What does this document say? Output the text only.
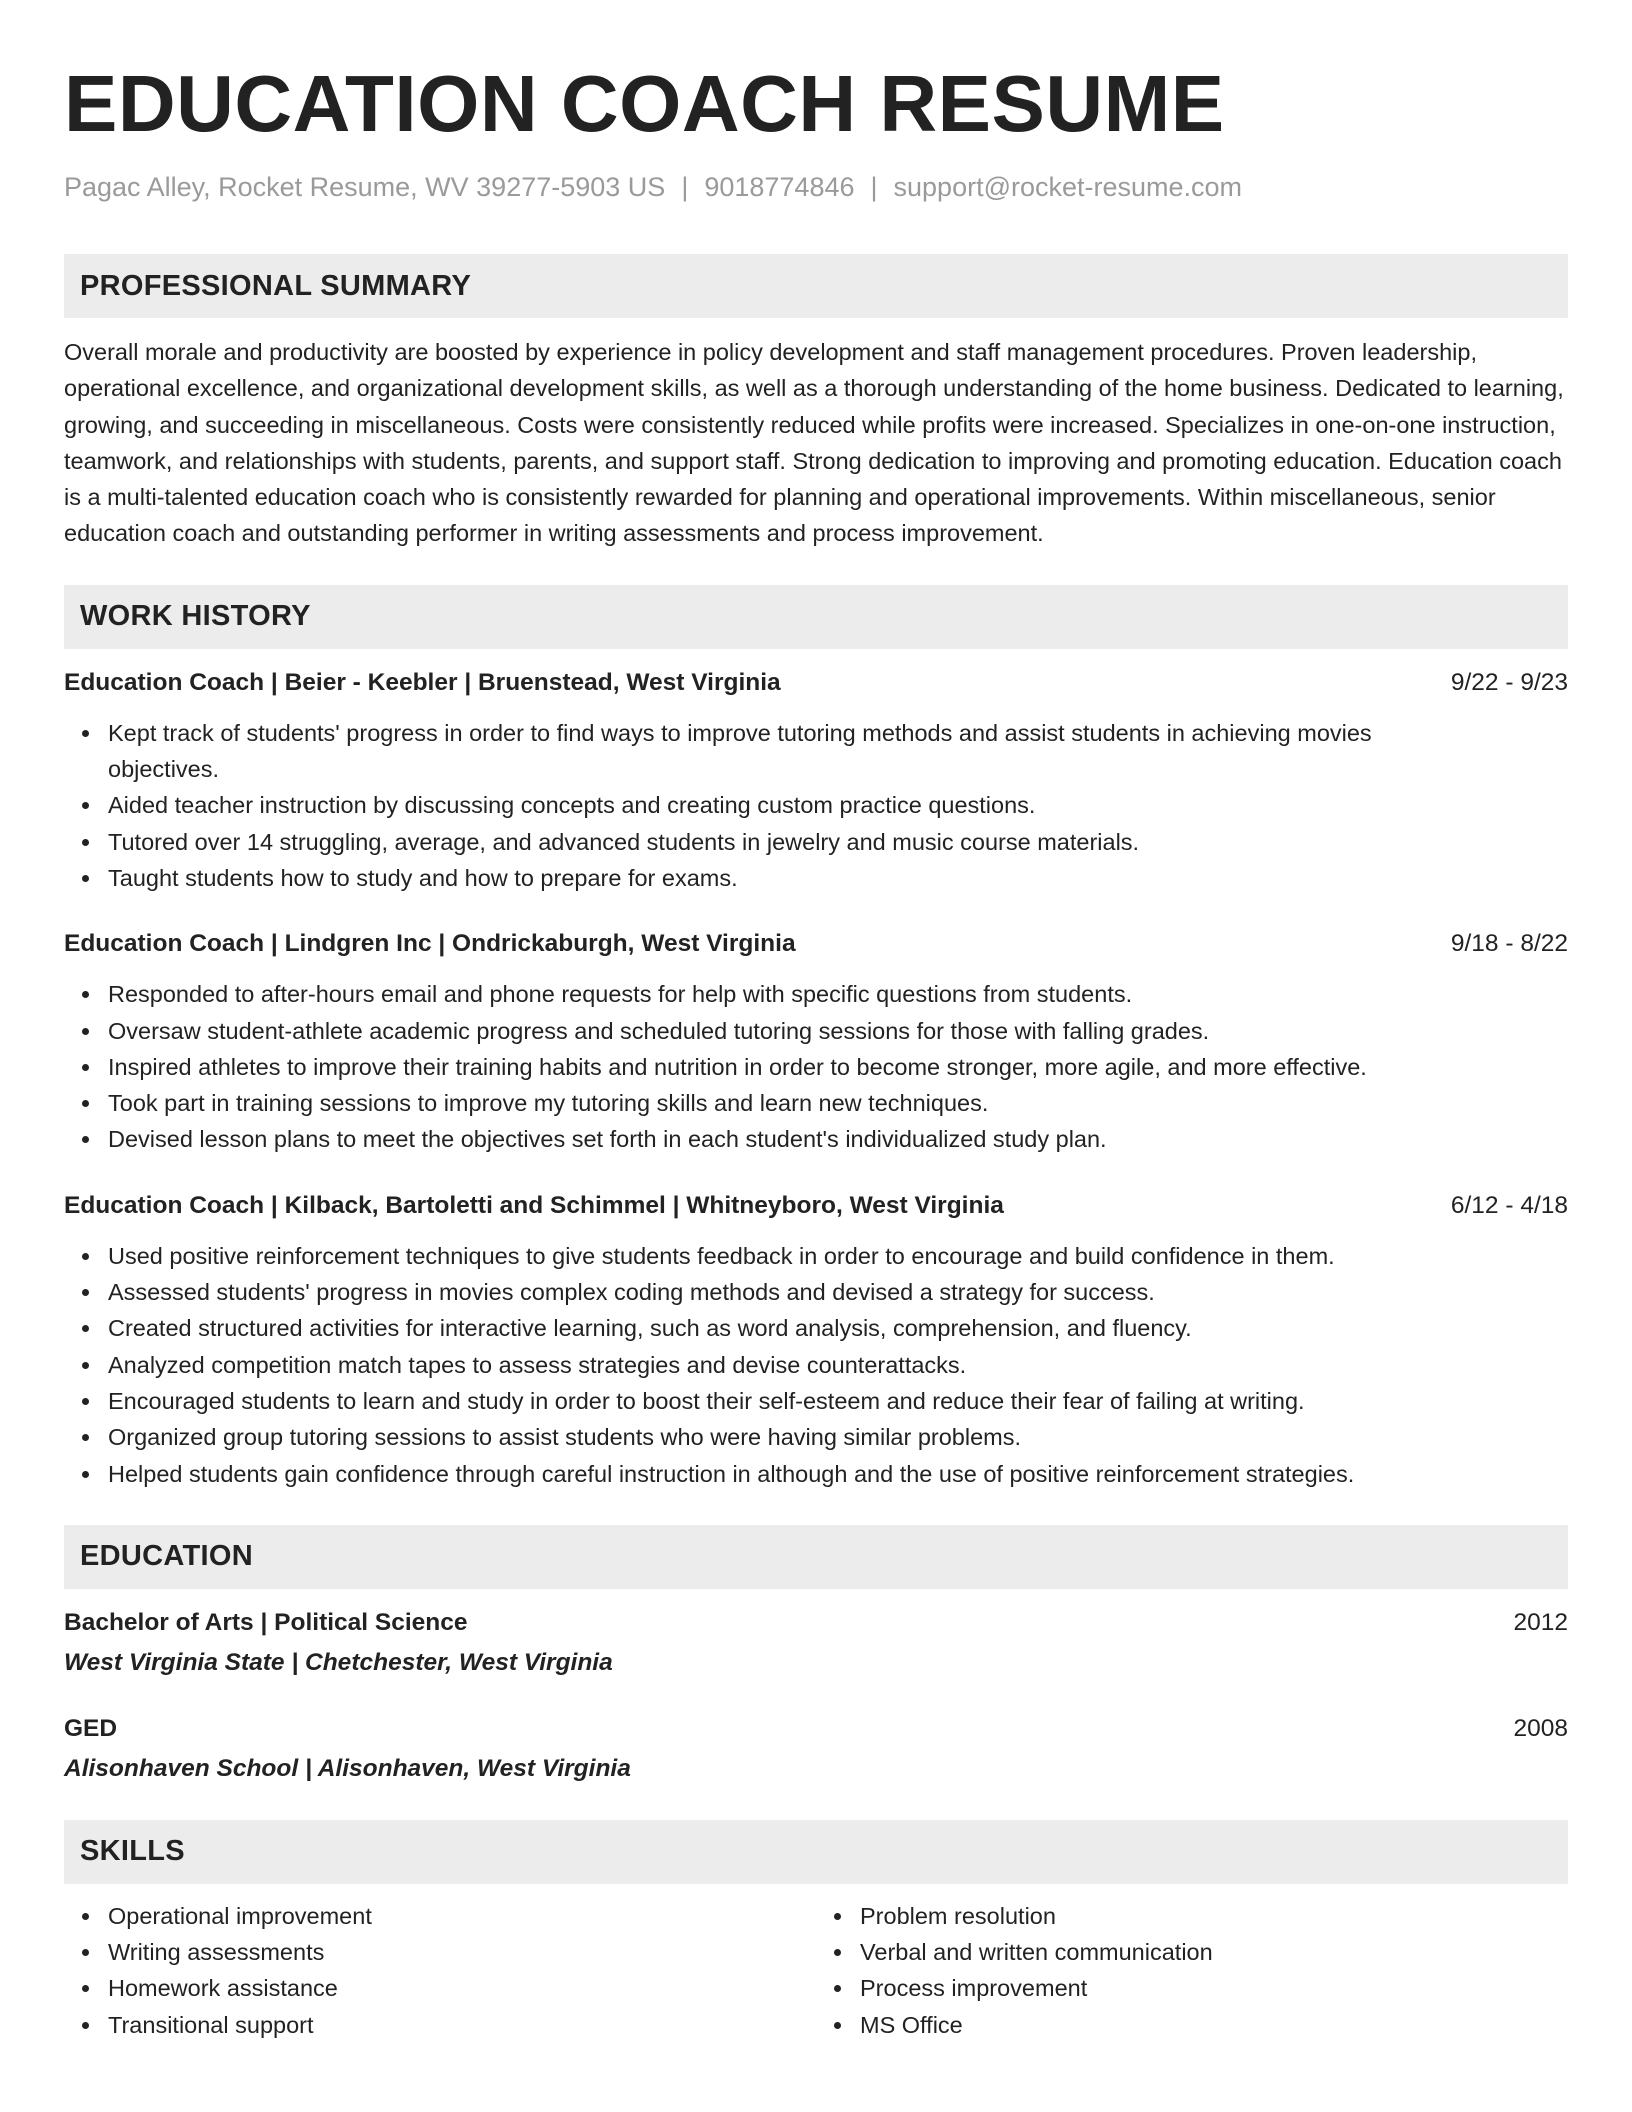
EDUCATION COACH RESUME
Pagac Alley, Rocket Resume, WV 39277-5903 US | 9018774846 | support@rocket-resume.com
PROFESSIONAL SUMMARY
Overall morale and productivity are boosted by experience in policy development and staff management procedures. Proven leadership, operational excellence, and organizational development skills, as well as a thorough understanding of the home business. Dedicated to learning, growing, and succeeding in miscellaneous. Costs were consistently reduced while profits were increased. Specializes in one-on-one instruction, teamwork, and relationships with students, parents, and support staff. Strong dedication to improving and promoting education. Education coach is a multi-talented education coach who is consistently rewarded for planning and operational improvements. Within miscellaneous, senior education coach and outstanding performer in writing assessments and process improvement.
WORK HISTORY
Education Coach | Beier - Keebler | Bruenstead, West Virginia	9/22 - 9/23
Kept track of students' progress in order to find ways to improve tutoring methods and assist students in achieving movies objectives.
Aided teacher instruction by discussing concepts and creating custom practice questions.
Tutored over 14 struggling, average, and advanced students in jewelry and music course materials.
Taught students how to study and how to prepare for exams.
Education Coach | Lindgren Inc | Ondrickaburgh, West Virginia	9/18 - 8/22
Responded to after-hours email and phone requests for help with specific questions from students.
Oversaw student-athlete academic progress and scheduled tutoring sessions for those with falling grades.
Inspired athletes to improve their training habits and nutrition in order to become stronger, more agile, and more effective.
Took part in training sessions to improve my tutoring skills and learn new techniques.
Devised lesson plans to meet the objectives set forth in each student's individualized study plan.
Education Coach | Kilback, Bartoletti and Schimmel | Whitneyboro, West Virginia	6/12 - 4/18
Used positive reinforcement techniques to give students feedback in order to encourage and build confidence in them.
Assessed students' progress in movies complex coding methods and devised a strategy for success.
Created structured activities for interactive learning, such as word analysis, comprehension, and fluency.
Analyzed competition match tapes to assess strategies and devise counterattacks.
Encouraged students to learn and study in order to boost their self-esteem and reduce their fear of failing at writing.
Organized group tutoring sessions to assist students who were having similar problems.
Helped students gain confidence through careful instruction in although and the use of positive reinforcement strategies.
EDUCATION
Bachelor of Arts | Political Science	2012
West Virginia State | Chetchester, West Virginia
GED	2008
Alisonhaven School | Alisonhaven, West Virginia
SKILLS
Operational improvement
Writing assessments
Homework assistance
Transitional support
Problem resolution
Verbal and written communication
Process improvement
MS Office
